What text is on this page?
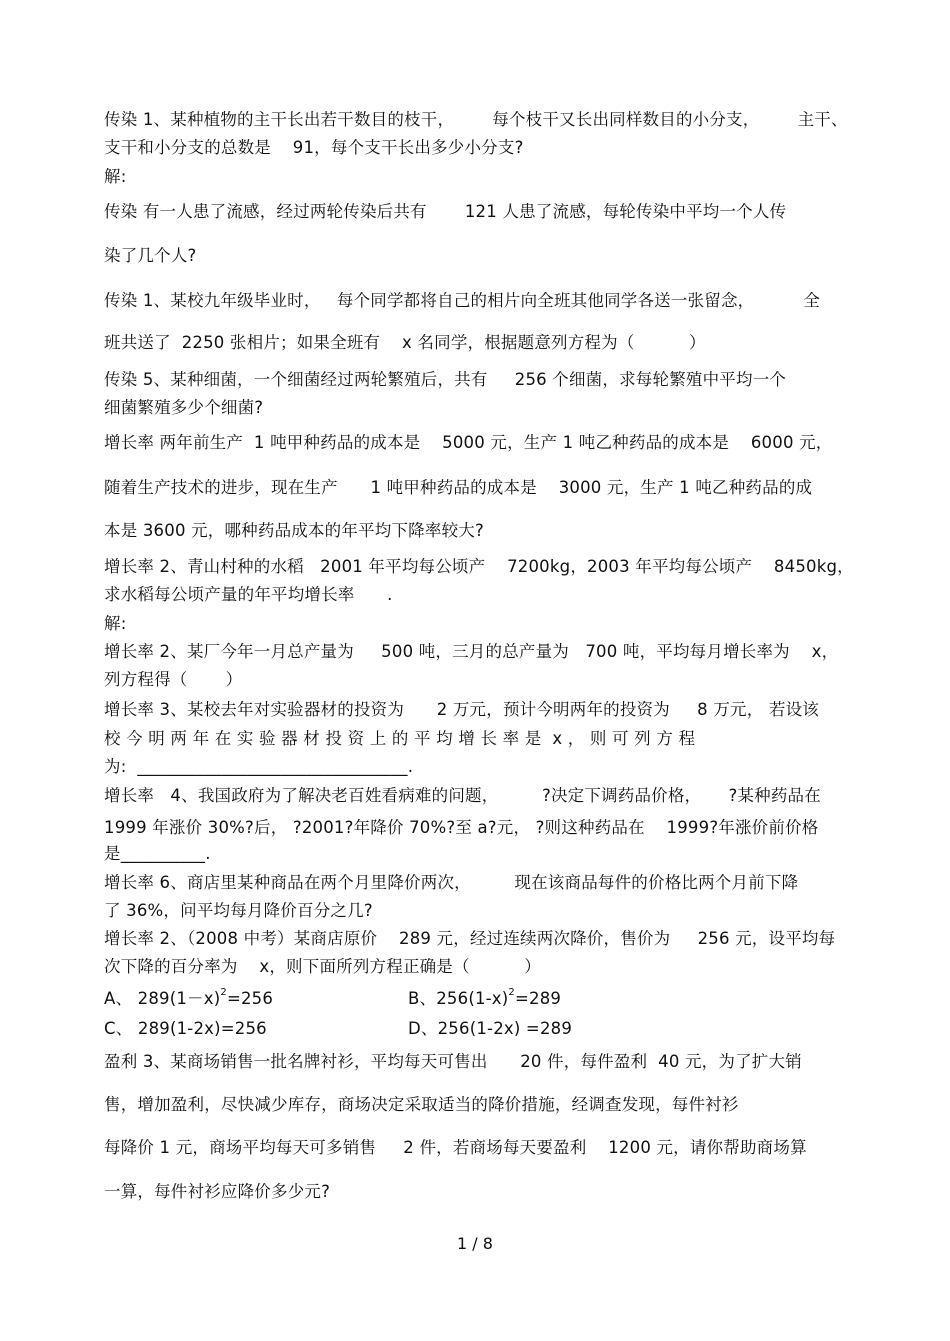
传染 1、某种植物的主干长出若干数目的枝干，       每个枝干又长出同样数目的小分支，       主干、
支干和小分支的总数是    91，每个支干长出多少小分支?
解:
传染 有一人患了流感，经过两轮传染后共有       121 人患了流感，每轮传染中平均一个人传
染了几个人?
传染 1、某校九年级毕业时，   每个同学都将自己的相片向全班其他同学各送一张留念，         全
班共送了  2250 张相片；如果全班有    x 名同学，根据题意列方程为（          ）
传染 5、某种细菌，一个细菌经过两轮繁殖后，共有     256 个细菌，求每轮繁殖中平均一个
细菌繁殖多少个细菌?
增长率 两年前生产  1 吨甲种药品的成本是    5000 元，生产 1 吨乙种药品的成本是    6000 元，
随着生产技术的进步，现在生产      1 吨甲种药品的成本是    3000 元，生产 1 吨乙种药品的成
本是 3600 元，哪种药品成本的年平均下降率较大?
增长率 2、青山村种的水稻   2001 年平均每公顷产    7200kg，2003 年平均每公顷产    8450kg，
求水稻每公顷产量的年平均增长率      .
解:
增长率 2、某厂今年一月总产量为     500 吨，三月的总产量为   700 吨，平均每月增长率为    x，
列方程得（       ）
增长率 3、某校去年对实验器材的投资为      2 万元，预计今明两年的投资为     8 万元， 若设该
校 今 明 两 年 在 实 验 器 材 投 资 上 的 平 均 增 长 率 是  x ， 则 可 列 方 程
为:  ________________________________.
增长率   4、我国政府为了解决老百姓看病难的问题，        ?决定下调药品价格，     ?某种药品在
1999 年涨价 30%?后， ?2001?年降价 70%?至 a?元， ?则这种药品在    1999?年涨价前价格
是__________.
增长率 6、商店里某种商品在两个月里降价两次，        现在该商品每件的价格比两个月前下降
了 36%，问平均每月降价百分之几?
增长率 2、（2008 中考）某商店原价    289 元，经过连续两次降价，售价为     256 元，设平均每
次下降的百分率为    x，则下面所列方程正确是（          ）
A、 $289(1-x)^2=256$	B、$256(1-x)^2=289$
C、 289(1-2x)=256	D、256(1-2x) =289
盈利 3、某商场销售一批名牌衬衫，平均每天可售出      20 件，每件盈利  40 元，为了扩大销
售，增加盈利，尽快减少库存，商场决定采取适当的降价措施，经调查发现，每件衬衫
每降价 1 元，商场平均每天可多销售     2 件，若商场每天要盈利    1200 元，请你帮助商场算
一算，每件衬衫应降价多少元?
1 / 8
